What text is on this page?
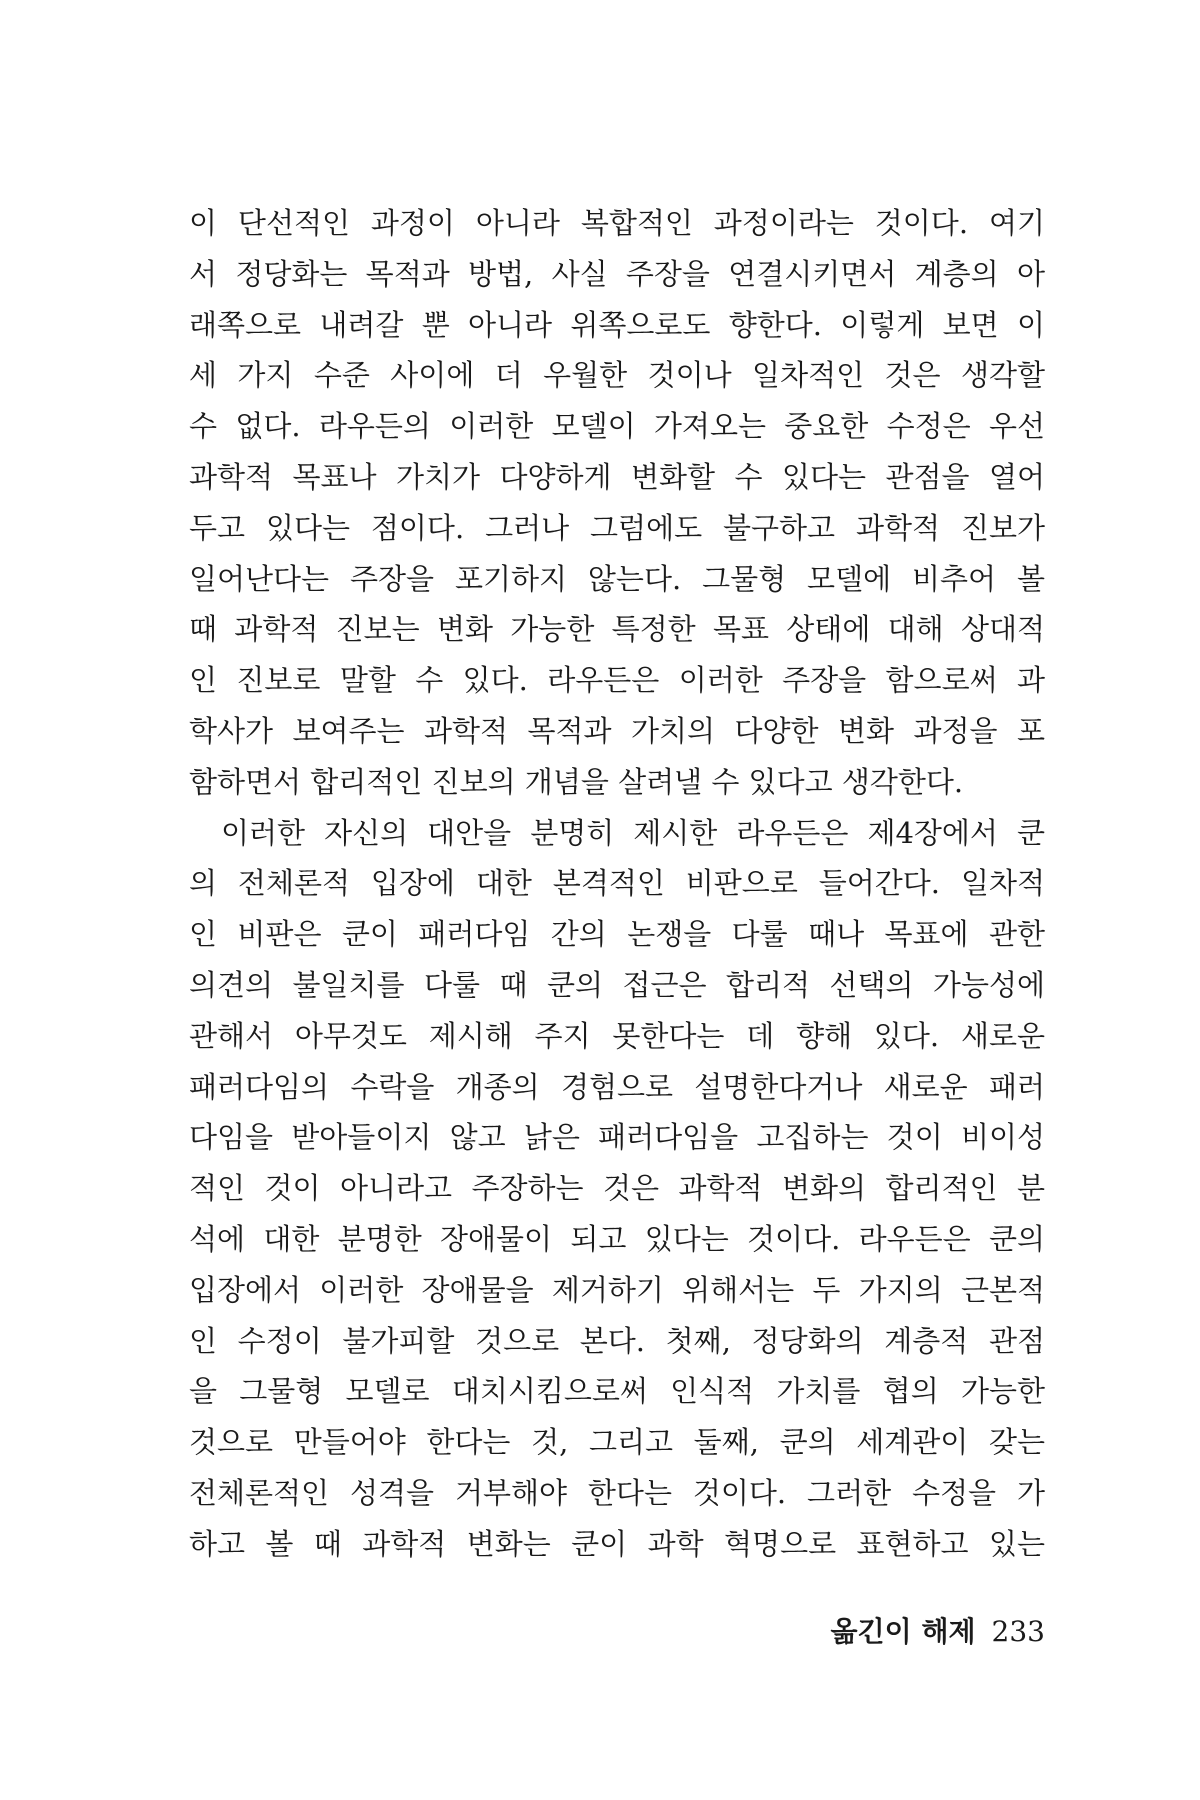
이 단선적인 과정이 아니라 복합적인 과정이라는 것이다. 여기
서 정당화는 목적과 방법, 사실 주장을 연결시키면서 계층의 아
래쪽으로 내려갈 뿐 아니라 위쪽으로도 향한다. 이렇게 보면 이
세 가지 수준 사이에 더 우월한 것이나 일차적인 것은 생각할
수 없다. 라우든의 이러한 모델이 가져오는 중요한 수정은 우선
과학적 목표나 가치가 다양하게 변화할 수 있다는 관점을 열어
두고 있다는 점이다. 그러나 그럼에도 불구하고 과학적 진보가
일어난다는 주장을 포기하지 않는다. 그물형 모델에 비추어 볼
때 과학적 진보는 변화 가능한 특정한 목표 상태에 대해 상대적
인 진보로 말할 수 있다. 라우든은 이러한 주장을 함으로써 과
학사가 보여주는 과학적 목적과 가치의 다양한 변화 과정을 포
함하면서 합리적인 진보의 개념을 살려낼 수 있다고 생각한다.
이러한 자신의 대안을 분명히 제시한 라우든은 제4장에서 쿤
의 전체론적 입장에 대한 본격적인 비판으로 들어간다. 일차적
인 비판은 쿤이 패러다임 간의 논쟁을 다룰 때나 목표에 관한
의견의 불일치를 다룰 때 쿤의 접근은 합리적 선택의 가능성에
관해서 아무것도 제시해 주지 못한다는 데 향해 있다. 새로운
패러다임의 수락을 개종의 경험으로 설명한다거나 새로운 패러
다임을 받아들이지 않고 낡은 패러다임을 고집하는 것이 비이성
적인 것이 아니라고 주장하는 것은 과학적 변화의 합리적인 분
석에 대한 분명한 장애물이 되고 있다는 것이다. 라우든은 쿤의
입장에서 이러한 장애물을 제거하기 위해서는 두 가지의 근본적
인 수정이 불가피할 것으로 본다. 첫째, 정당화의 계층적 관점
을 그물형 모델로 대치시킴으로써 인식적 가치를 협의 가능한
것으로 만들어야 한다는 것, 그리고 둘째, 쿤의 세계관이 갖는
전체론적인 성격을 거부해야 한다는 것이다. 그러한 수정을 가
하고 볼 때 과학적 변화는 쿤이 과학 혁명으로 표현하고 있는
옮긴이 해제 233
